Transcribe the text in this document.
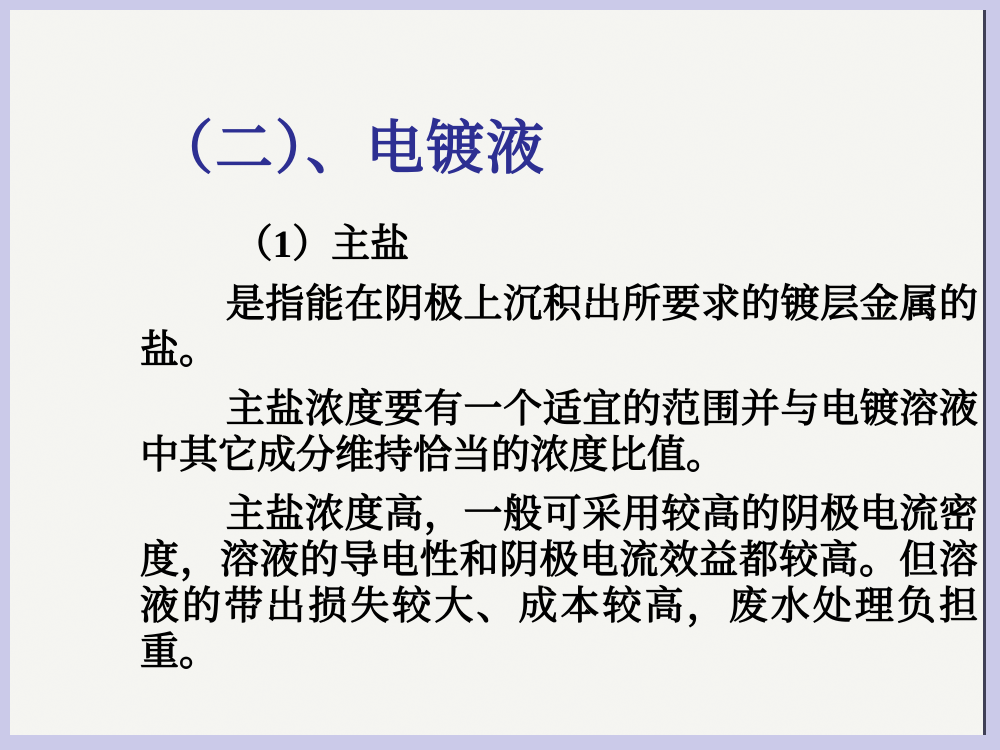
（二）、电镀液

（1）主盐

是指能在阴极上沉积出所要求的镀层金属的盐。

主盐浓度要有一个适宜的范围并与电镀溶液中其它成分维持恰当的浓度比值。

主盐浓度高，一般可采用较高的阴极电流密度，溶液的导电性和阴极电流效益都较高。但溶液的带出损失较大、成本较高，废水处理负担重。
